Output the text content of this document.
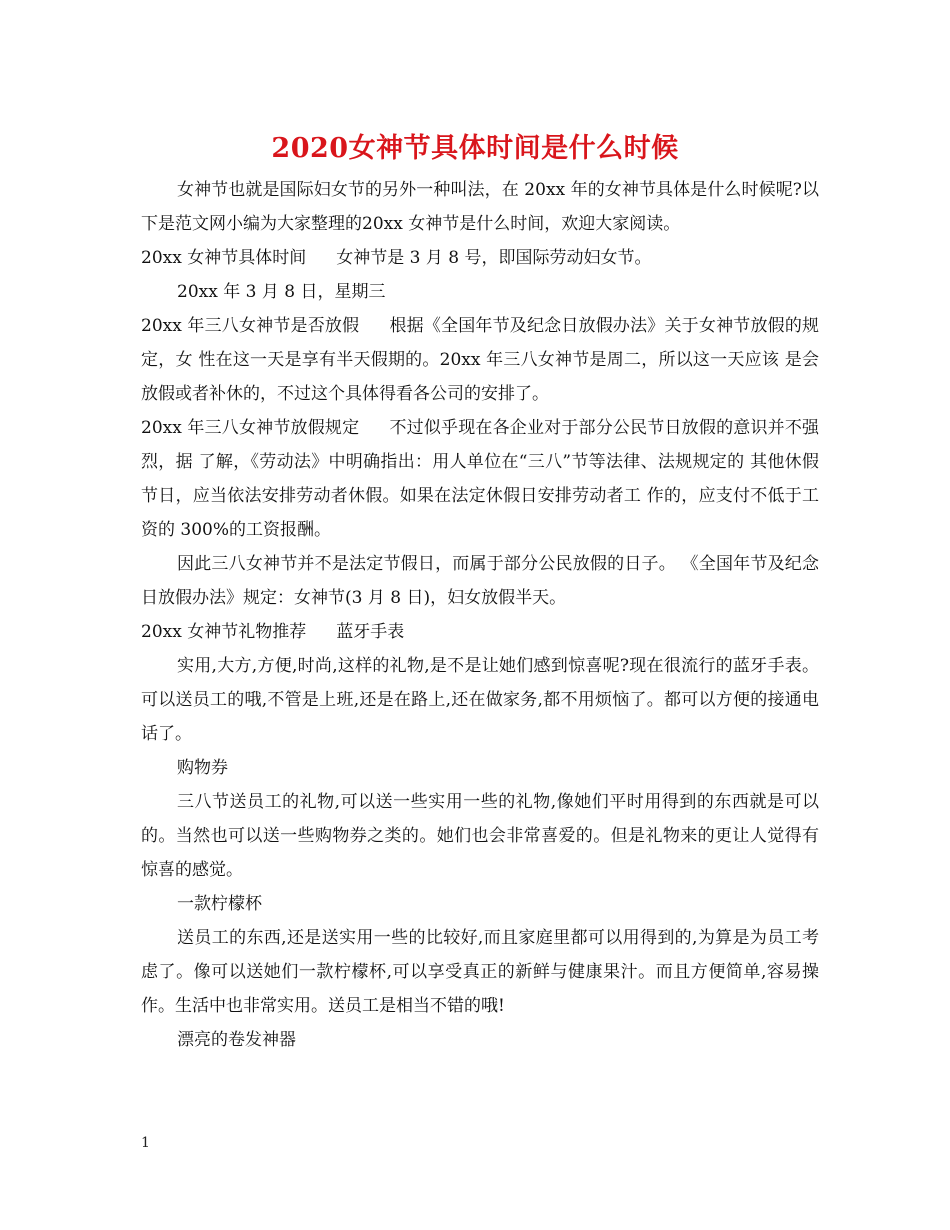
2020女神节具体时间是什么时候

女神节也就是国际妇女节的另外一种叫法，在 20xx 年的女神节具体是什么时候呢?以下是范文网小编为大家整理的20xx 女神节是什么时间，欢迎大家阅读。

20xx 女神节具体时间 女神节是 3 月 8 号，即国际劳动妇女节。

20xx 年 3 月 8 日，星期三

20xx 年三八女神节是否放假 根据《全国年节及纪念日放假办法》关于女神节放假的规定，女 性在这一天是享有半天假期的。20xx 年三八女神节是周二，所以这一天应该 是会放假或者补休的，不过这个具体得看各公司的安排了。

20xx 年三八女神节放假规定 不过似乎现在各企业对于部分公民节日放假的意识并不强烈，据 了解，《劳动法》中明确指出：用人单位在“三八”节等法律、法规规定的 其他休假节日，应当依法安排劳动者休假。如果在法定休假日安排劳动者工 作的，应支付不低于工资的 300%的工资报酬。

因此三八女神节并不是法定节假日，而属于部分公民放假的日子。 《全国年节及纪念日放假办法》规定：女神节(3 月 8 日)，妇女放假半天。

20xx 女神节礼物推荐 蓝牙手表

实用,大方,方便,时尚,这样的礼物,是不是让她们感到惊喜呢?现在很流行的蓝牙手表。可以送员工的哦,不管是上班,还是在路上,还在做家务,都不用烦恼了。都可以方便的接通电话了。

购物券

三八节送员工的礼物,可以送一些实用一些的礼物,像她们平时用得到的东西就是可以的。当然也可以送一些购物券之类的。她们也会非常喜爱的。但是礼物来的更让人觉得有惊喜的感觉。

一款柠檬杯

送员工的东西,还是送实用一些的比较好,而且家庭里都可以用得到的,为算是为员工考虑了。像可以送她们一款柠檬杯,可以享受真正的新鲜与健康果汁。而且方便简单,容易操作。生活中也非常实用。送员工是相当不错的哦!

漂亮的卷发神器

1
